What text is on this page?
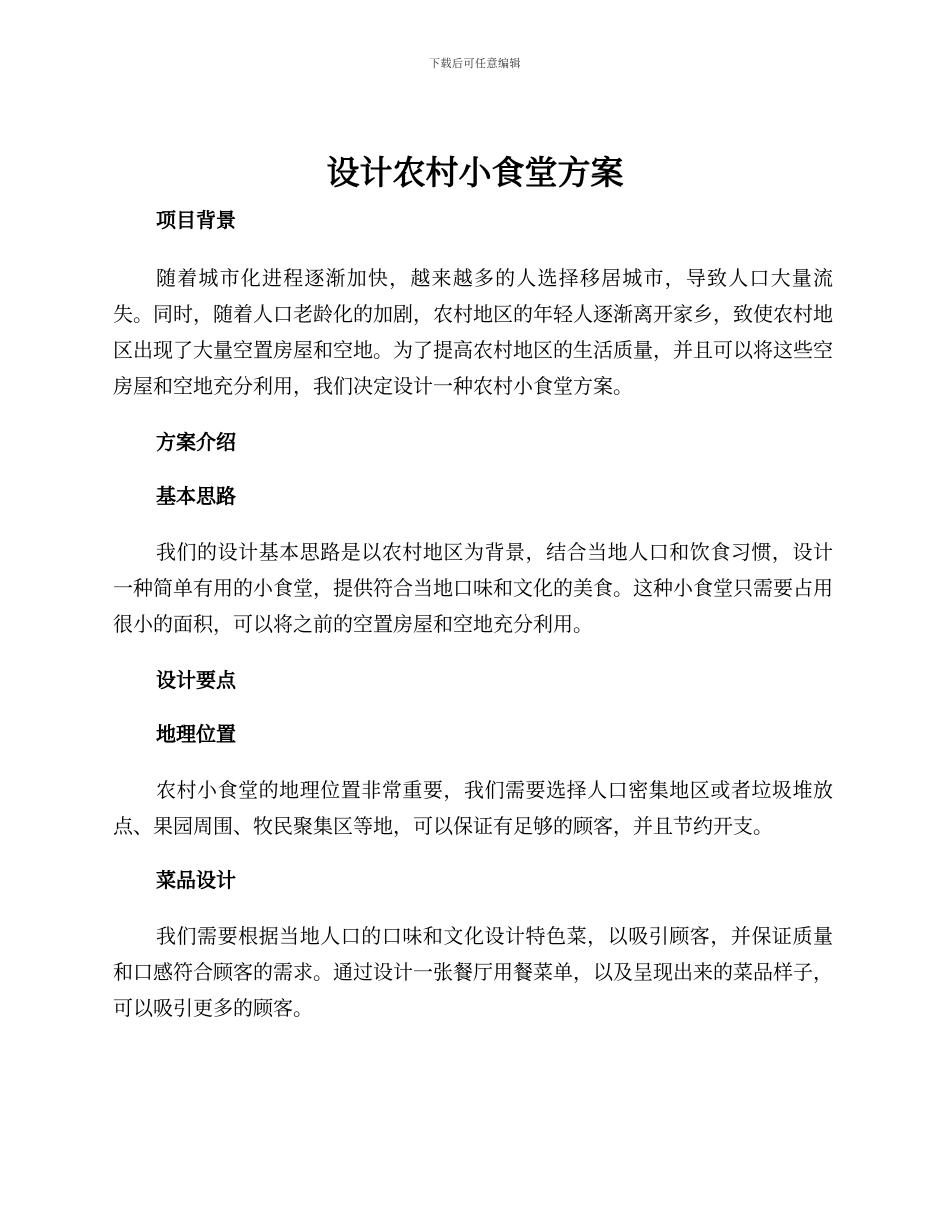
下载后可任意编辑
设计农村小食堂方案
项目背景

随着城市化进程逐渐加快，越来越多的人选择移居城市，导致人口大量流失。同时，随着人口老龄化的加剧，农村地区的年轻人逐渐离开家乡，致使农村地区出现了大量空置房屋和空地。为了提高农村地区的生活质量，并且可以将这些空房屋和空地充分利用，我们决定设计一种农村小食堂方案。

方案介绍
基本思路

我们的设计基本思路是以农村地区为背景，结合当地人口和饮食习惯，设计一种简单有用的小食堂，提供符合当地口味和文化的美食。这种小食堂只需要占用很小的面积，可以将之前的空置房屋和空地充分利用。

设计要点
地理位置

农村小食堂的地理位置非常重要，我们需要选择人口密集地区或者垃圾堆放点、果园周围、牧民聚集区等地，可以保证有足够的顾客，并且节约开支。

菜品设计

我们需要根据当地人口的口味和文化设计特色菜，以吸引顾客，并保证质量和口感符合顾客的需求。通过设计一张餐厅用餐菜单，以及呈现出来的菜品样子，可以吸引更多的顾客。
